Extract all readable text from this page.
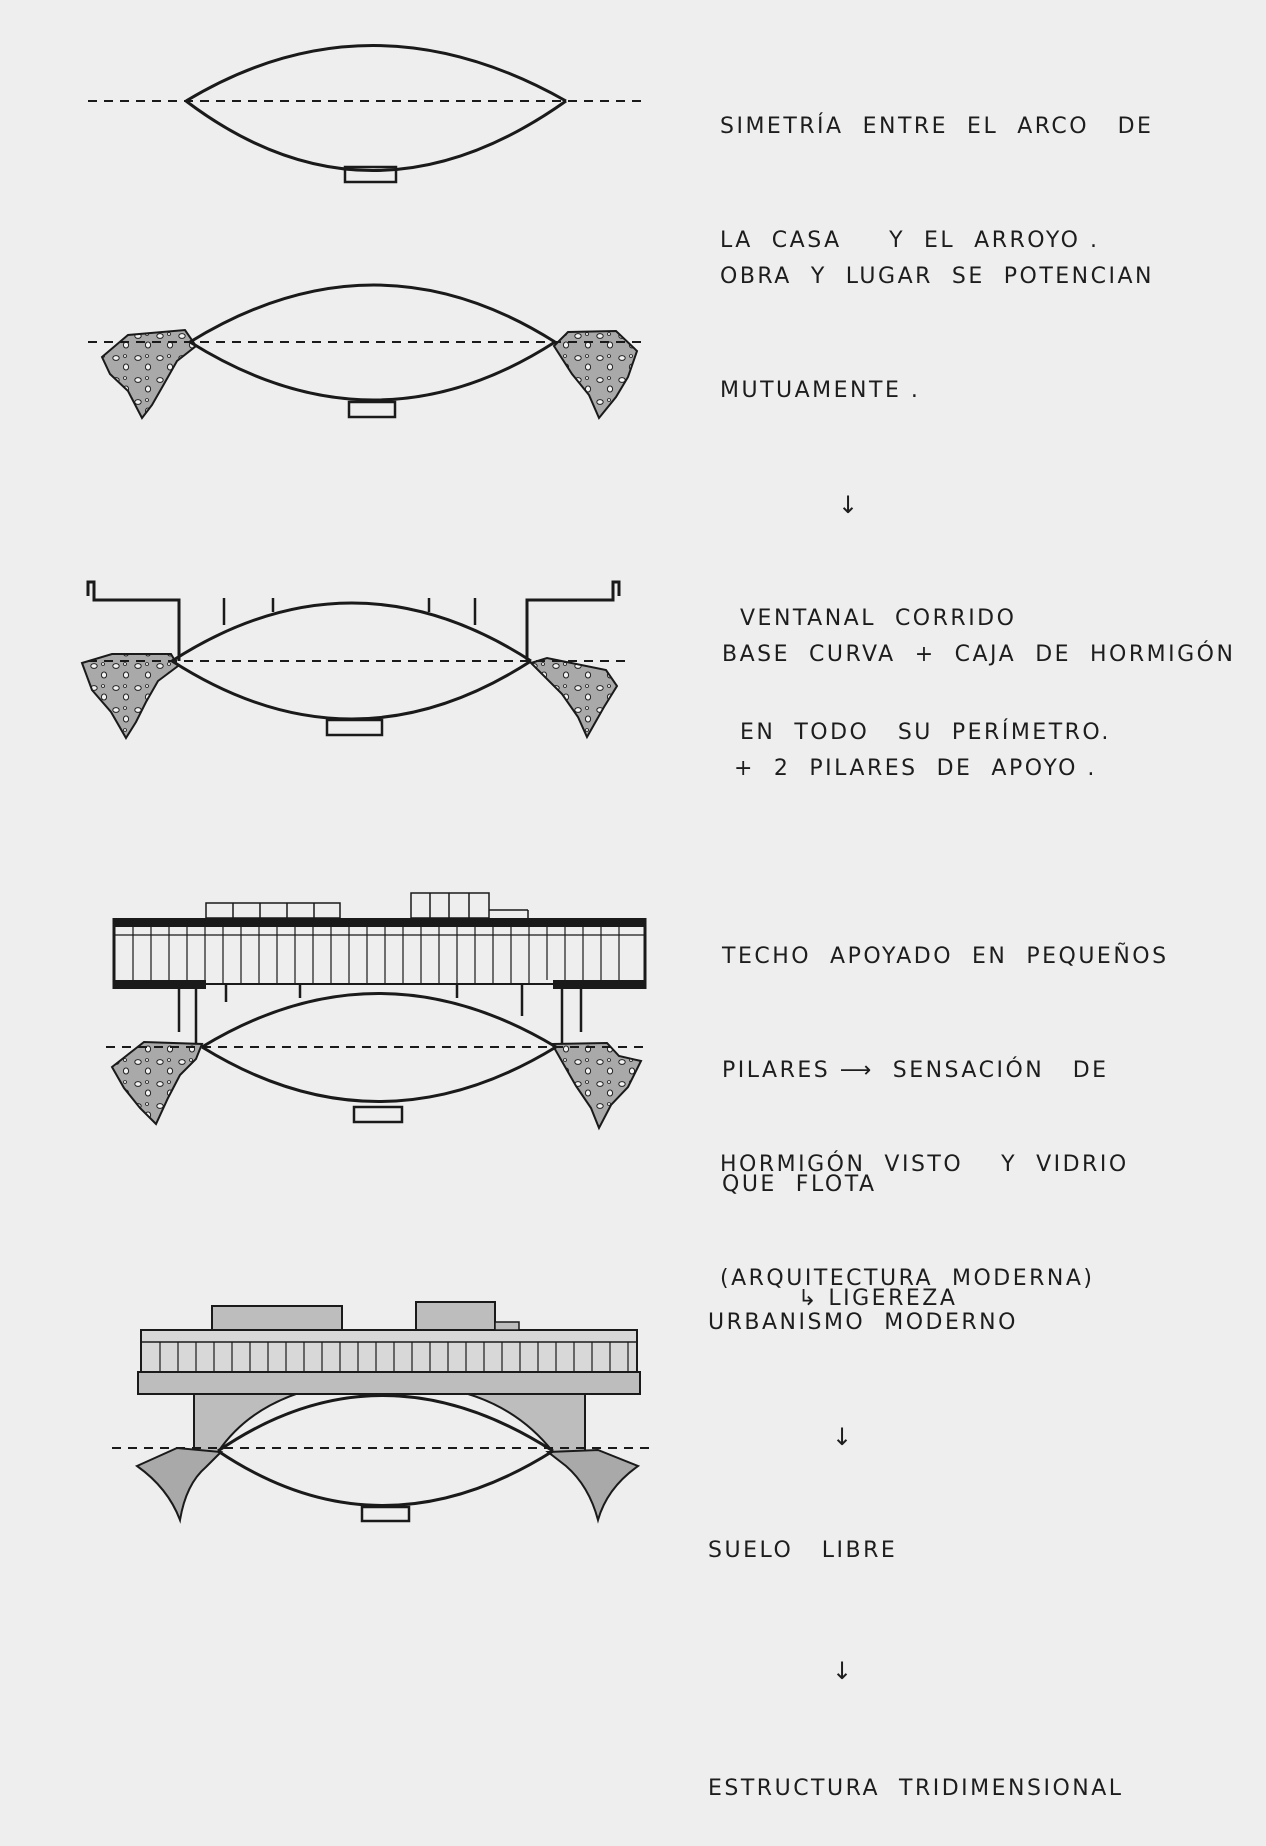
SIMETRÍA  ENTRE  EL  ARCO   DE

LA  CASA     Y  EL  ARROYO .

OBRA  Y  LUGAR  SE  POTENCIAN

MUTUAMENTE .

↓

VENTANAL  CORRIDO

EN  TODO   SU  PERÍMETRO.

BASE  CURVA  +  CAJA  DE  HORMIGÓN

+  2  PILARES  DE  APOYO .

TECHO  APOYADO  EN  PEQUEÑOS

PILARES ⟶  SENSACIÓN   DE

QUE  FLOTA

↳ LIGEREZA

HORMIGÓN  VISTO    Y  VIDRIO

(ARQUITECTURA  MODERNA)

URBANISMO  MODERNO

↓

SUELO   LIBRE

↓

ESTRUCTURA  TRIDIMENSIONAL
